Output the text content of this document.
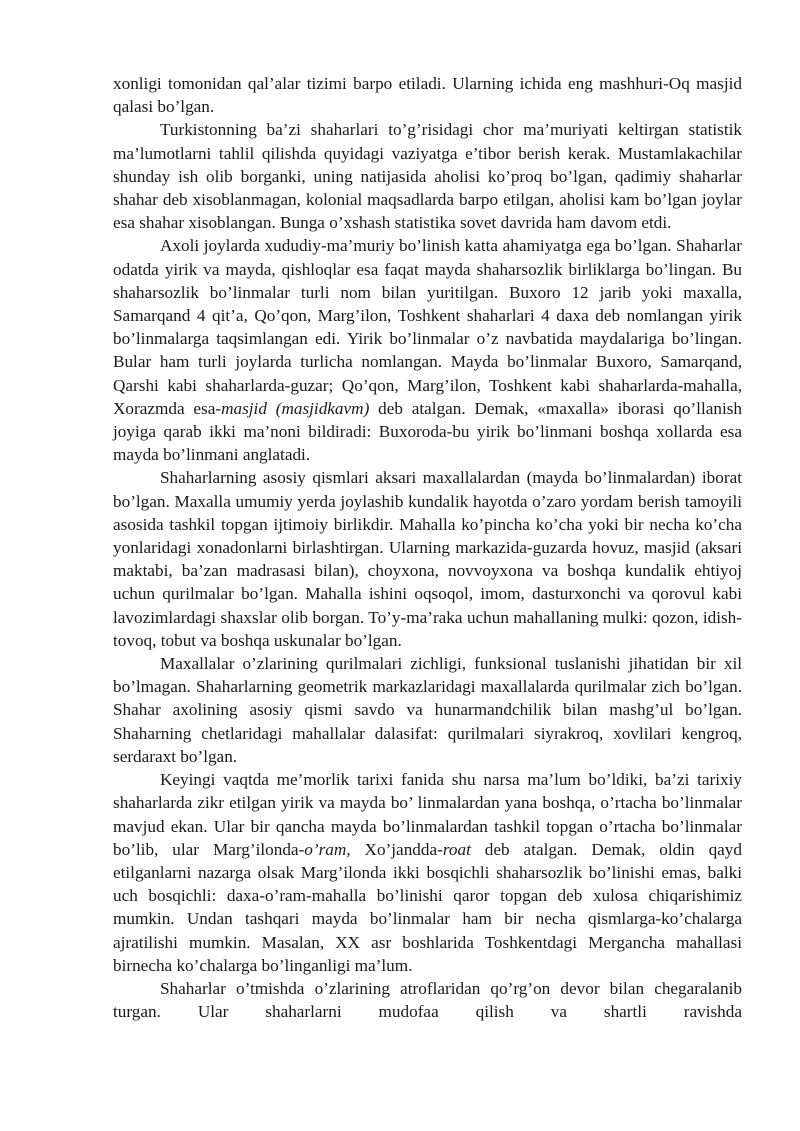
xonligi tomonidan qal’alar tizimi barpo etiladi. Ularning ichida eng mashhuri-Oq masjid qalasi bo’lgan.

Turkistonning ba’zi shaharlari to’g’risidagi chor ma’muriyati keltirgan statistik ma’lumotlarni tahlil qilishda quyidagi vaziyatga e’tibor berish kerak. Mustamlakachilar shunday ish olib borganki, uning natijasida aholisi ko’proq bo’lgan, qadimiy shaharlar shahar deb xisoblanmagan, kolonial maqsadlarda barpo etilgan, aholisi kam bo’lgan joylar esa shahar xisoblangan. Bunga o’xshash statistika sovet davrida ham davom etdi.

Axoli joylarda xududiy-ma’muriy bo’linish katta ahamiyatga ega bo’lgan. Shaharlar odatda yirik va mayda, qishloqlar esa faqat mayda shaharsozlik birliklarga bo’lingan. Bu shaharsozlik bo’linmalar turli nom bilan yuritilgan. Buxoro 12 jarib yoki maxalla, Samarqand 4 qit’a, Qo’qon, Marg’ilon, Toshkent shaharlari 4 daxa deb nomlangan yirik bo’linmalarga taqsimlangan edi. Yirik bo’linmalar o’z navbatida maydalariga bo’lingan. Bular ham turli joylarda turlicha nomlangan. Mayda bo’linmalar Buxoro, Samarqand, Qarshi kabi shaharlarda-guzar; Qo’qon, Marg’ilon, Toshkent kabi shaharlarda-mahalla, Xorazmda esa-masjid (masjidkavm) deb atalgan. Demak, «maxalla» iborasi qo’llanish joyiga qarab ikki ma’noni bildiradi: Buxoroda-bu yirik bo’linmani boshqa xollarda esa mayda bo’linmani anglatadi.

Shaharlarning asosiy qismlari aksari maxallalardan (mayda bo’linmalardan) iborat bo’lgan. Maxalla umumiy yerda joylashib kundalik hayotda o’zaro yordam berish tamoyili asosida tashkil topgan ijtimoiy birlikdir. Mahalla ko’pincha ko’cha yoki bir necha ko’cha yonlaridagi xonadonlarni birlashtirgan. Ularning markazida-guzarda hovuz, masjid (aksari maktabi, ba’zan madrasasi bilan), choyxona, novvoyxona va boshqa kundalik ehtiyoj uchun qurilmalar bo’lgan. Mahalla ishini oqsoqol, imom, dasturxonchi va qorovul kabi lavozimlardagi shaxslar olib borgan. To’y-ma’raka uchun mahallaning mulki: qozon, idish-tovoq, tobut va boshqa uskunalar bo’lgan.

Maxallalar o’zlarining qurilmalari zichligi, funksional tuslanishi jihatidan bir xil bo’lmagan. Shaharlarning geometrik markazlaridagi maxallalarda qurilmalar zich bo’lgan. Shahar axolining asosiy qismi savdo va hunarmandchilik bilan mashg’ul bo’lgan. Shaharning chetlaridagi mahallalar dalasifat: qurilmalari siyrakroq, xovlilari kengroq, serdaraxt bo’lgan.

Keyingi vaqtda me’morlik tarixi fanida shu narsa ma’lum bo’ldiki, ba’zi tarixiy shaharlarda zikr etilgan yirik va mayda bo’ linmalardan yana boshqa, o’rtacha bo’linmalar mavjud ekan. Ular bir qancha mayda bo’linmalardan tashkil topgan o’rtacha bo’linmalar bo’lib, ular Marg’ilonda-o’ram, Xo’jandda-roat deb atalgan. Demak, oldin qayd etilganlarni nazarga olsak Marg’ilonda ikki bosqichli shaharsozlik bo’linishi emas, balki uch bosqichli: daxa-o’ram-mahalla bo’linishi qaror topgan deb xulosa chiqarishimiz mumkin. Undan tashqari mayda bo’linmalar ham bir necha qismlarga-ko’chalarga ajratilishi mumkin. Masalan, XX asr boshlarida Toshkentdagi Mergancha mahallasi birnecha ko’chalarga bo’linganligi ma’lum.

Shaharlar o’tmishda o’zlarining atroflaridan qo’rg’on devor bilan chegaralanib turgan. Ular shaharlarni mudofaa qilish va shartli ravishda
